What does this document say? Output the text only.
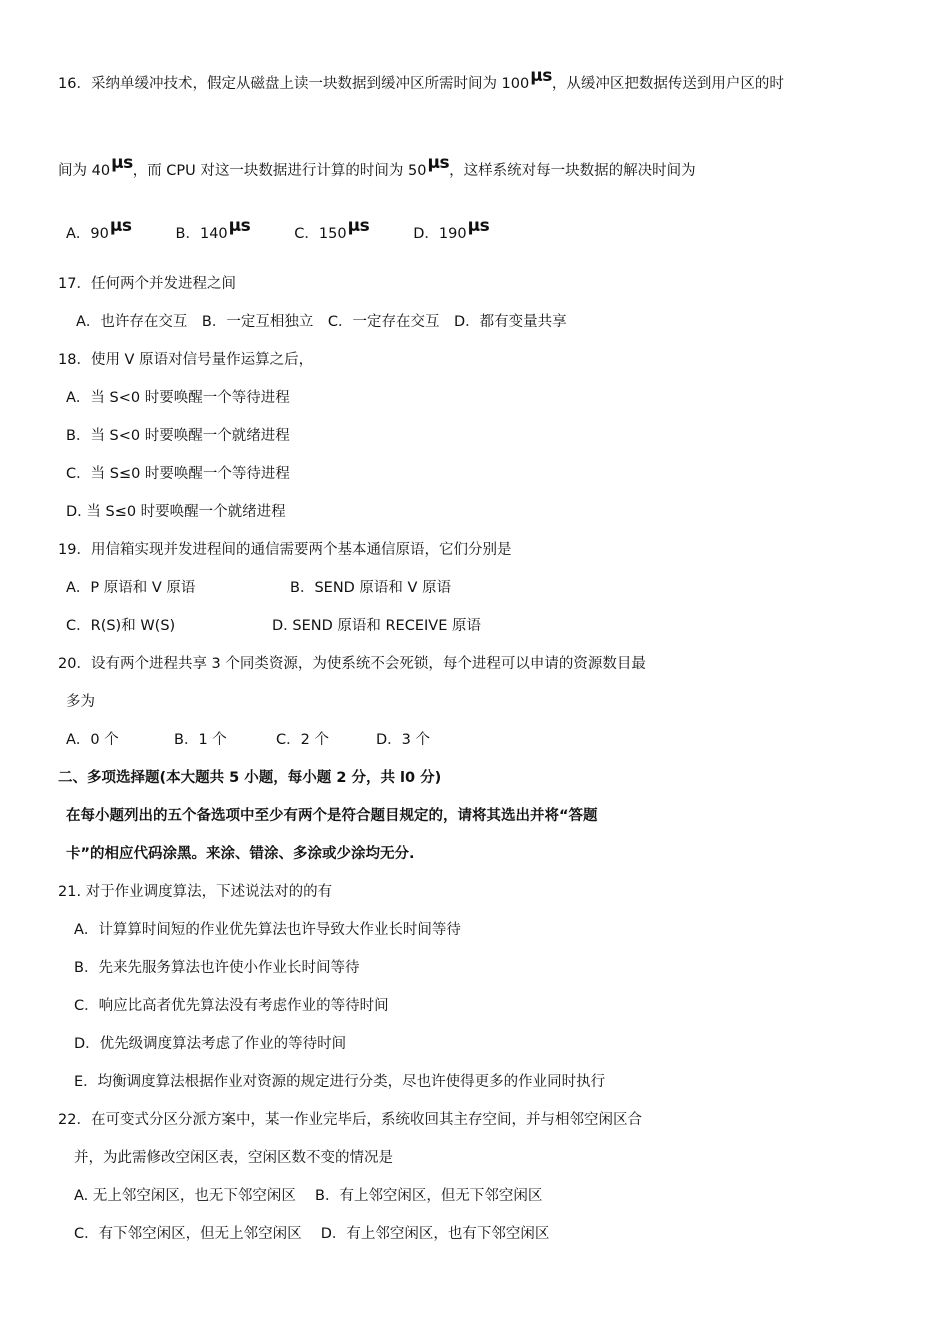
16．采纳单缓冲技术，假定从磁盘上读一块数据到缓冲区所需时间为 100μs，从缓冲区把数据传送到用户区的时
间为 40μs，而 CPU 对这一块数据进行计算的时间为 50μs，这样系统对每一块数据的解决时间为
A．90μs	B．140μs	C．150μs	D．190μs
17．任何两个并发进程之间
A．也许存在交互　B．一定互相独立　C．一定存在交互　D．都有变量共享
18．使用 V 原语对信号量作运算之后，
A．当 S<0 时要唤醒一个等待进程
B．当 S<0 时要唤醒一个就绪进程
C．当 S≤0 时要唤醒一个等待进程
D. 当 S≤0 时要唤醒一个就绪进程
19．用信箱实现并发进程间的通信需要两个基本通信原语，它们分别是
A．P 原语和 V 原语	B．SEND 原语和 V 原语
C．R(S)和 W(S)	D. SEND 原语和 RECEIVE 原语
20．设有两个进程共享 3 个同类资源，为使系统不会死锁，每个进程可以申请的资源数目最
多为
A．0 个	B．1 个	C．2 个	D．3 个
二、多项选择题(本大题共 5 小题，每小题 2 分，共 l0 分)
在每小题列出的五个备选项中至少有两个是符合题目规定的，请将其选出并将“答题
卡”的相应代码涂黑。来涂、错涂、多涂或少涂均无分.
21. 对于作业调度算法，下述说法对的的有
A．计算算时间短的作业优先算法也许导致大作业长时间等待
B．先来先服务算法也许使小作业长时间等待
C．响应比高者优先算法没有考虑作业的等待时间
D．优先级调度算法考虑了作业的等待时间
E．均衡调度算法根据作业对资源的规定进行分类，尽也许使得更多的作业同时执行
22．在可变式分区分派方案中，某一作业完毕后，系统收回其主存空间，并与相邻空闲区合
并，为此需修改空闲区表，空闲区数不变的情况是
A. 无上邻空闲区，也无下邻空闲区　 B．有上邻空闲区，但无下邻空闲区
C．有下邻空闲区，但无上邻空闲区　 D．有上邻空闲区，也有下邻空闲区
